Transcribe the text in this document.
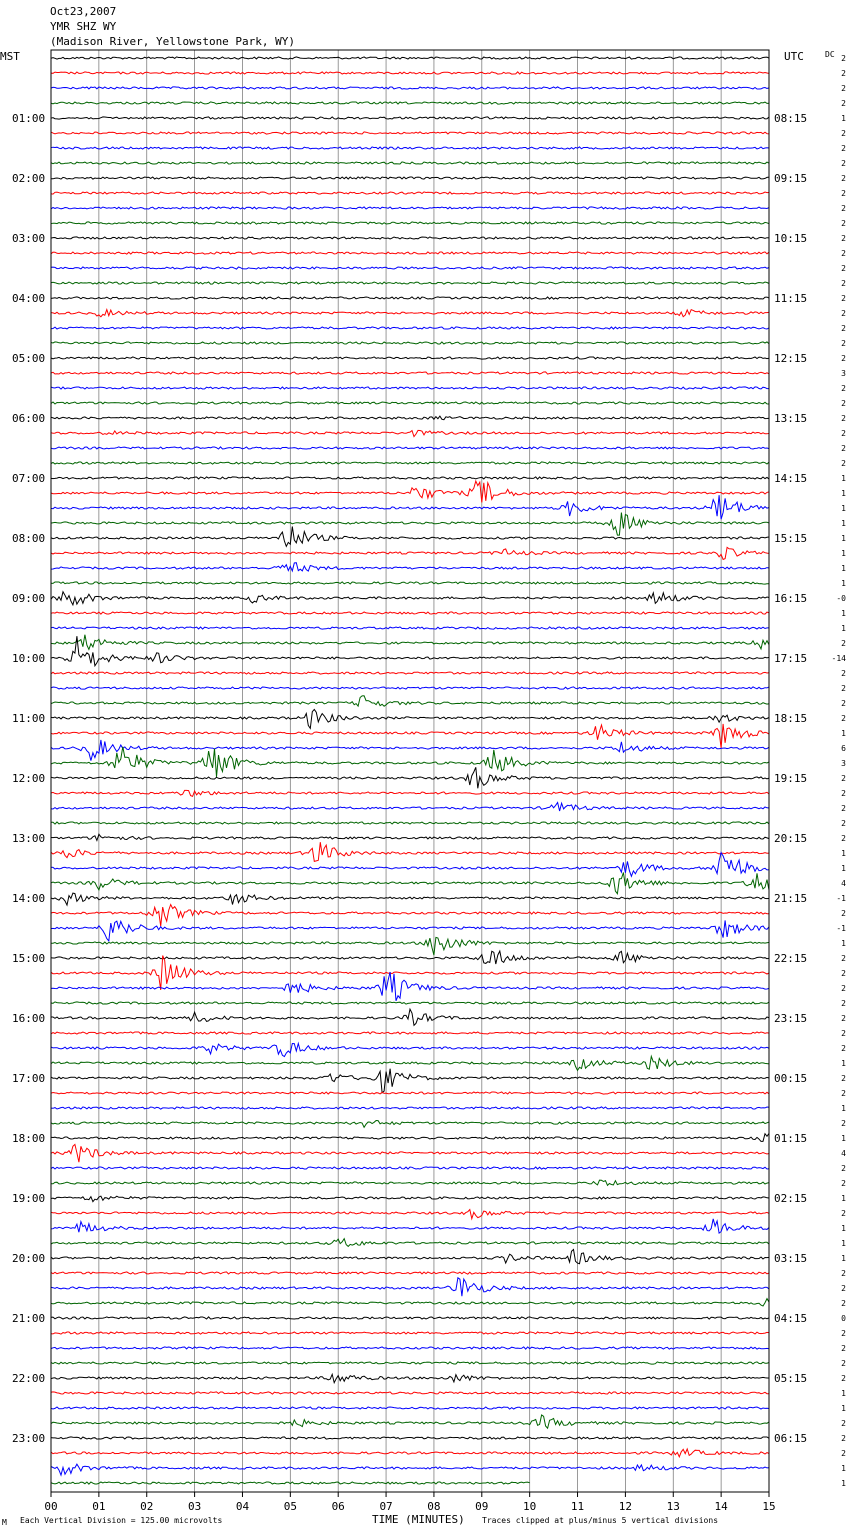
Oct23,2007
YMR SHZ WY
(Madison River, Yellowstone Park, WY)
01:00
02:00
03:00
04:00
05:00
06:00
07:00
08:00
09:00
10:00
11:00
12:00
13:00
14:00
15:00
16:00
17:00
18:00
19:00
20:00
21:00
22:00
23:00
08:15
09:15
10:15
11:15
12:15
13:15
14:15
15:15
16:15
17:15
18:15
19:15
20:15
21:15
22:15
23:15
00:15
01:15
02:15
03:15
04:15
05:15
06:15
2
2
2
2
1
2
2
2
2
2
2
2
2
2
2
2
2
2
2
2
2
3
2
2
2
2
2
2
1
1
1
1
1
1
1
1
-0
1
1
2
-14
2
2
2
2
1
6
3
2
2
2
2
2
1
1
4
-1
2
-1
1
2
2
2
2
2
2
2
1
2
2
1
2
1
4
2
2
1
2
1
1
1
2
2
2
0
2
2
2
2
1
1
2
2
2
1
1
00	01	02	03	04	05	06	07	08	09	10	11	12	13	14	15
MST	UTC	DC
TIME (MINUTES)
M Each Vertical Division = 125.00 microvolts	Traces clipped at plus/minus 5 vertical divisions
